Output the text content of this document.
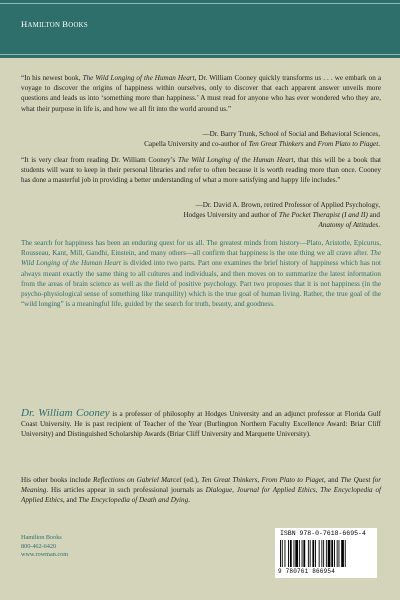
HAMILTON BOOKS
“In his newest book, The Wild Longing of the Human Heart, Dr. William Cooney quickly transforms us . . . we embark on a voyage to discover the origins of happiness within ourselves, only to discover that each apparent answer unveils more questions and leads us into ‘something more than happiness.’ A must read for anyone who has ever wondered who they are, what their purpose in life is, and how we all fit into the world around us.”
—Dr. Barry Trunk, School of Social and Behavioral Sciences,
Capella University and co-author of Ten Great Thinkers and From Plato to Piaget.
“It is very clear from reading Dr. William Cooney’s The Wild Longing of the Human Heart, that this will be a book that students will want to keep in their personal libraries and refer to often because it is worth reading more than once. Cooney has done a masterful job in providing a better understanding of what a more satisfying and happy life includes.”
—Dr. David A. Brown, retired Professor of Applied Psychology,
Hodges University and author of The Pocket Therapist (I and II) and
Anatomy of Attitudes.
The search for happiness has been an enduring quest for us all. The greatest minds from history—Plato, Aristotle, Epicurus, Rousseau, Kant, Mill, Gandhi, Einstein, and many others—all confirm that happiness is the one thing we all crave after. The Wild Longing of the Human Heart is divided into two parts. Part one examines the brief history of happiness which has not always meant exactly the same thing to all cultures and individuals, and then moves on to summarize the latest information from the areas of brain science as well as the field of positive psychology. Part two proposes that it is not happiness (in the psycho-physiological sense of something like tranquility) which is the true goal of human living. Rather, the true goal of the “wild longing” is a meaningful life, guided by the search for truth, beauty, and goodness.
Dr. William Cooney is a professor of philosophy at Hodges University and an adjunct professor at Florida Gulf Coast University. He is past recipient of Teacher of the Year (Burlington Northern Faculty Excellence Award: Briar Cliff University) and Distinguished Scholarship Awards (Briar Cliff University and Marquette University).
His other books include Reflections on Gabriel Marcel (ed.), Ten Great Thinkers, From Plato to Piaget, and The Quest for Meaning. His articles appear in such professional journals as Dialogue, Journal for Applied Ethics, The Encyclopedia of Applied Ethics, and The Encyclopedia of Death and Dying.
Hamilton Books
800-462-6420
www.rowman.com
ISBN 978-0-7618-6695-4
9 780761 866954
